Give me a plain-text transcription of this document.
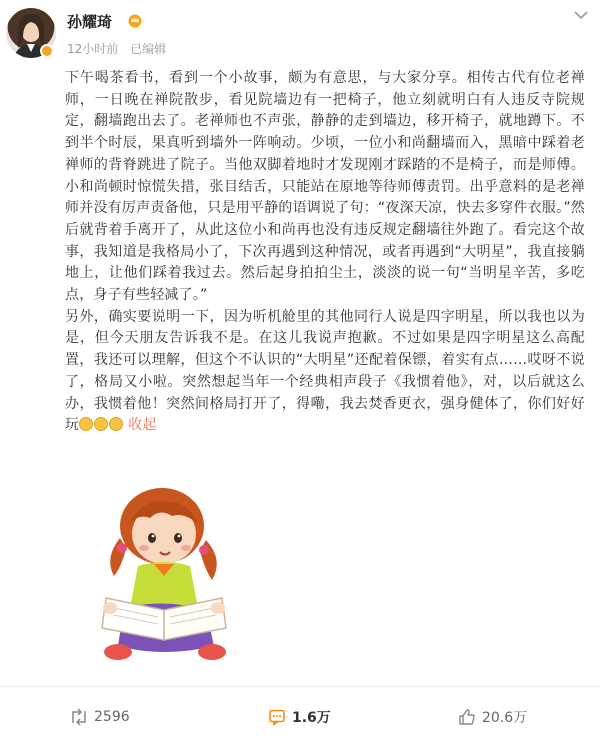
孙耀琦
12小时前 已编辑

下午喝茶看书，看到一个小故事，颇为有意思，与大家分享。相传古代有位老禅师，一日晚在禅院散步，看见院墙边有一把椅子，他立刻就明白有人违反寺院规定，翻墙跑出去了。老禅师也不声张，静静的走到墙边，移开椅子，就地蹲下。不到半个时辰，果真听到墙外一阵响动。少顷，一位小和尚翻墙而入，黑暗中踩着老禅师的背脊跳进了院子。当他双脚着地时才发现刚才踩踏的不是椅子，而是师傅。小和尚顿时惊慌失措，张目结舌，只能站在原地等待师傅责罚。出乎意料的是老禅师并没有厉声责备他，只是用平静的语调说了句：“夜深天凉，快去多穿件衣服。”然后就背着手离开了，从此这位小和尚再也没有违反规定翻墙往外跑了。看完这个故事，我知道是我格局小了，下次再遇到这种情况，或者再遇到“大明星”，我直接躺地上，让他们踩着我过去。然后起身拍拍尘土，淡淡的说一句“当明星辛苦，多吃点，身子有些轻减了。”

另外，确实要说明一下，因为听机舱里的其他同行人说是四字明星，所以我也以为是，但今天朋友告诉我不是。在这儿我说声抱歉。不过如果是四字明星这么高配置，我还可以理解，但这个不认识的“大明星”还配着保镖，着实有点……哎呀不说了，格局又小啦。突然想起当年一个经典相声段子《我惯着他》，对，以后就这么办，我惯着他！突然间格局打开了，得嘞，我去焚香更衣，强身健体了，你们好好玩	收起

2596	1.6万	20.6万
